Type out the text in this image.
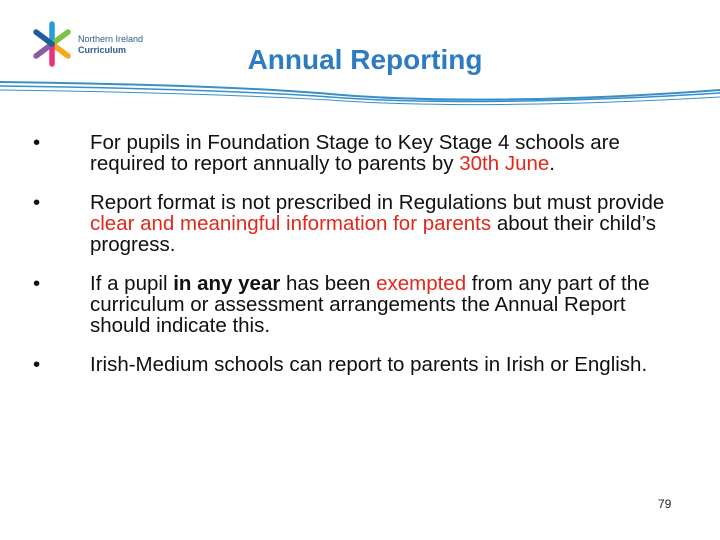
Northern Ireland
Curriculum	Annual Reporting
• For pupils in Foundation Stage to Key Stage 4 schools are required to report annually to parents by 30th June.
• Report format is not prescribed in Regulations but must provide clear and meaningful information for parents about their child’s progress.
• If a pupil in any year has been exempted from any part of the curriculum or assessment arrangements the Annual Report should indicate this.
• Irish-Medium schools can report to parents in Irish or English.
79
